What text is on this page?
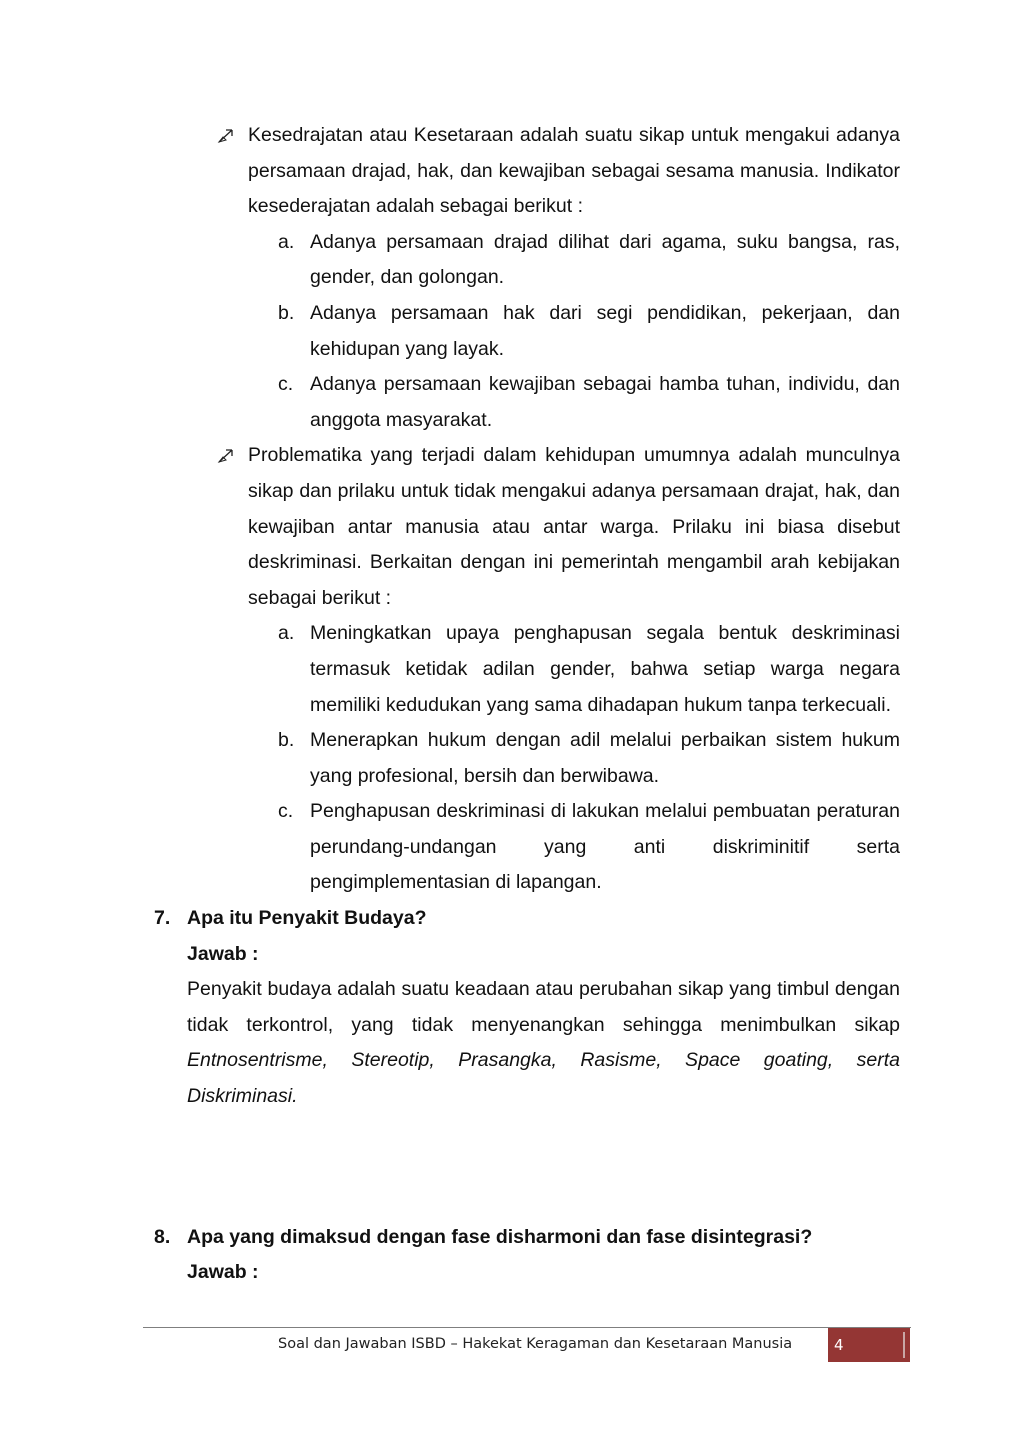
Kesedrajatan atau Kesetaraan adalah suatu sikap untuk mengakui adanya persamaan drajad, hak, dan kewajiban sebagai sesama manusia. Indikator kesederajatan adalah sebagai berikut :
a. Adanya persamaan drajad dilihat dari agama, suku bangsa, ras, gender, dan golongan.
b. Adanya persamaan hak dari segi pendidikan, pekerjaan, dan kehidupan yang layak.
c. Adanya persamaan kewajiban sebagai hamba tuhan, individu, dan anggota masyarakat.
Problematika yang terjadi dalam kehidupan umumnya adalah munculnya sikap dan prilaku untuk tidak mengakui adanya persamaan drajat, hak, dan kewajiban antar manusia atau antar warga. Prilaku ini biasa disebut deskriminasi. Berkaitan dengan ini pemerintah mengambil arah kebijakan sebagai berikut :
a. Meningkatkan upaya penghapusan segala bentuk deskriminasi termasuk ketidak adilan gender, bahwa setiap warga negara memiliki kedudukan yang sama dihadapan hukum tanpa terkecuali.
b. Menerapkan hukum dengan adil melalui perbaikan sistem hukum yang profesional, bersih dan berwibawa.
c. Penghapusan deskriminasi di lakukan melalui pembuatan peraturan perundang-undangan yang anti diskriminitif serta pengimplementasian di lapangan.
7. Apa itu Penyakit Budaya?
Jawab :
Penyakit budaya adalah suatu keadaan atau perubahan sikap yang timbul dengan tidak terkontrol, yang tidak menyenangkan sehingga menimbulkan sikap Entnosentrisme, Stereotip, Prasangka, Rasisme, Space goating, serta Diskriminasi.
8. Apa yang dimaksud dengan fase disharmoni dan fase disintegrasi?
Jawab :
Soal dan Jawaban ISBD – Hakekat Keragaman dan Kesetaraan Manusia	4
